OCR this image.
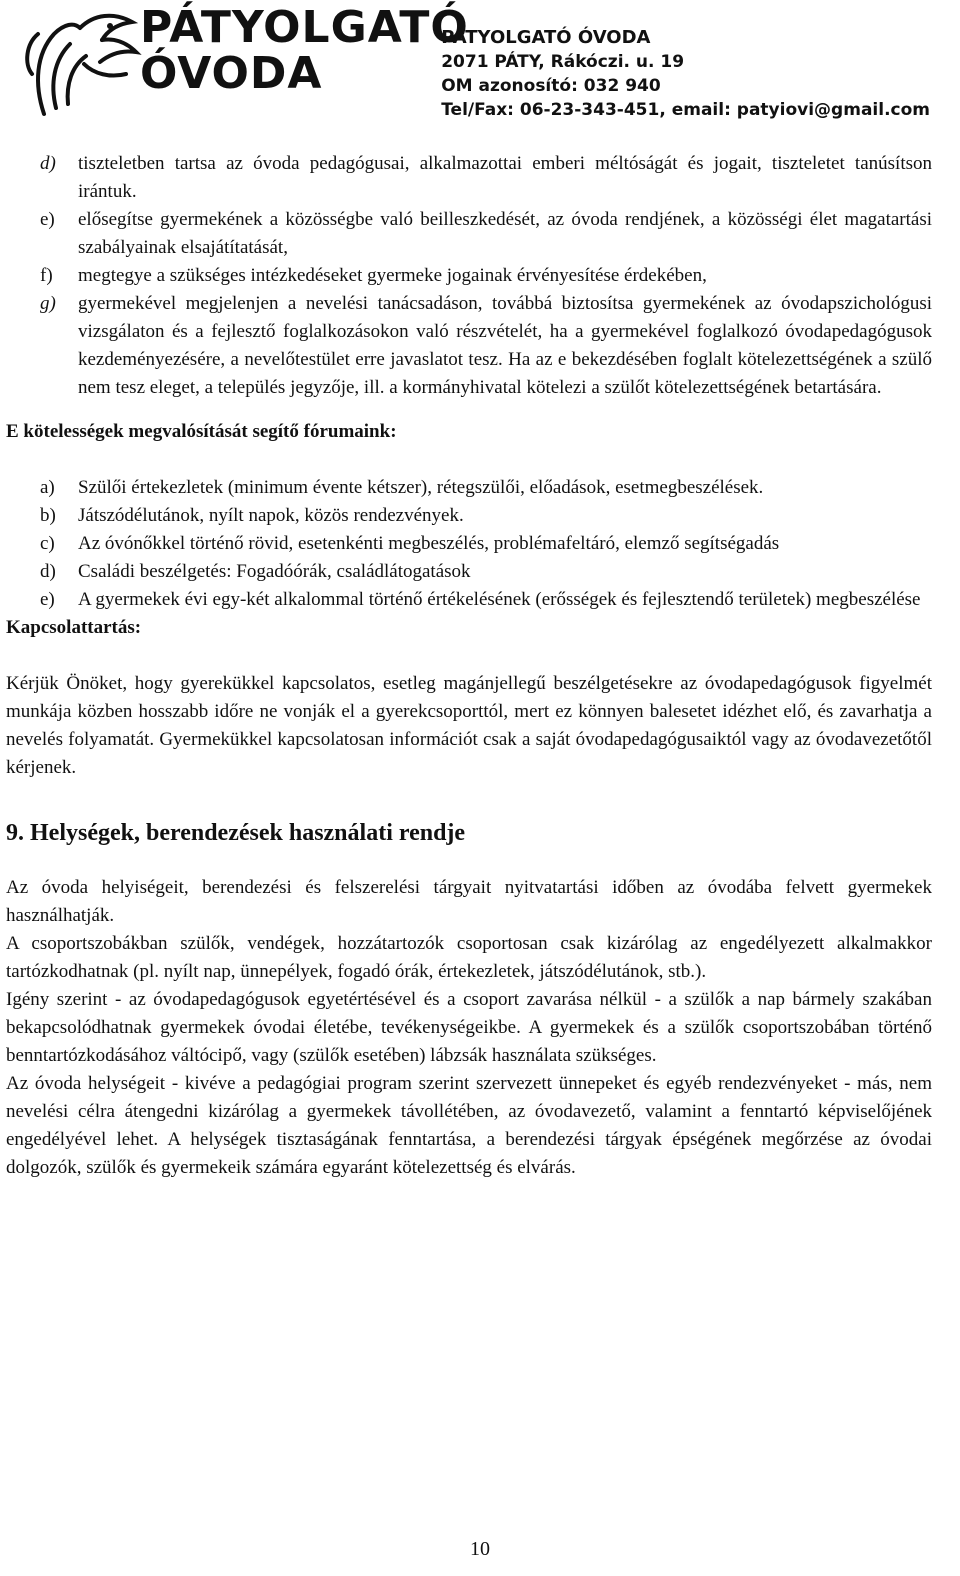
PÁTYOLGATÓ
ÓVODA
PÁTYOLGATÓ ÓVODA
2071 PÁTY, Rákóczi. u. 19
OM azonosító: 032 940
Tel/Fax: 06-23-343-451, email: patyiovi@gmail.com
d)	tiszteletben tartsa az óvoda pedagógusai, alkalmazottai emberi méltóságát és jogait, tiszteletet tanúsítson irántuk.
e)	elősegítse gyermekének a közösségbe való beilleszkedését, az óvoda rendjének, a közösségi élet magatartási szabályainak elsajátítatását,
f)	megtegye a szükséges intézkedéseket gyermeke jogainak érvényesítése érdekében,
g)	gyermekével megjelenjen a nevelési tanácsadáson, továbbá biztosítsa gyermekének az óvodapszichológusi vizsgálaton és a fejlesztő foglalkozásokon való részvételét, ha a gyermekével foglalkozó óvodapedagógusok kezdeményezésére, a nevelőtestület erre javaslatot tesz. Ha az e bekezdésében foglalt kötelezettségének a szülő nem tesz eleget, a település jegyzője, ill. a kormányhivatal kötelezi a szülőt kötelezettségének betartására.
E kötelességek megvalósítását segítő fórumaink:
a)	Szülői értekezletek (minimum évente kétszer), rétegszülői, előadások, esetmegbeszélések.
b)	Játszódélutánok, nyílt napok, közös rendezvények.
c)	Az óvónőkkel történő rövid, esetenkénti megbeszélés, problémafeltáró, elemző segítségadás
d)	Családi beszélgetés: Fogadóórák, családlátogatások
e)	A gyermekek évi egy-két alkalommal történő értékelésének (erősségek és fejlesztendő területek) megbeszélése
Kapcsolattartás:
Kérjük Önöket, hogy gyerekükkel kapcsolatos, esetleg magánjellegű beszélgetésekre az óvodapedagógusok figyelmét munkája közben hosszabb időre ne vonják el a gyerekcsoporttól, mert ez könnyen balesetet idézhet elő, és zavarhatja a nevelés folyamatát. Gyermekükkel kapcsolatosan információt csak a saját óvodapedagógusaiktól vagy az óvodavezetőtől kérjenek.
9. Helységek, berendezések használati rendje
Az óvoda helyiségeit, berendezési és felszerelési tárgyait nyitvatartási időben az óvodába felvett gyermekek használhatják.
A csoportszobákban szülők, vendégek, hozzátartozók csoportosan csak kizárólag az engedélyezett alkalmakkor tartózkodhatnak (pl. nyílt nap, ünnepélyek, fogadó órák, értekezletek, játszódélutánok, stb.).
Igény szerint - az óvodapedagógusok egyetértésével és a csoport zavarása nélkül - a szülők a nap bármely szakában bekapcsolódhatnak gyermekek óvodai életébe, tevékenységeikbe. A gyermekek és a szülők csoportszobában történő benntartózkodásához váltócipő, vagy (szülők esetében) lábzsák használata szükséges.
Az óvoda helységeit - kivéve a pedagógiai program szerint szervezett ünnepeket és egyéb rendezvényeket - más, nem nevelési célra átengedni kizárólag a gyermekek távollétében, az óvodavezető, valamint a fenntartó képviselőjének engedélyével lehet. A helységek tisztaságának fenntartása, a berendezési tárgyak épségének megőrzése az óvodai dolgozók, szülők és gyermekeik számára egyaránt kötelezettség és elvárás.
10
